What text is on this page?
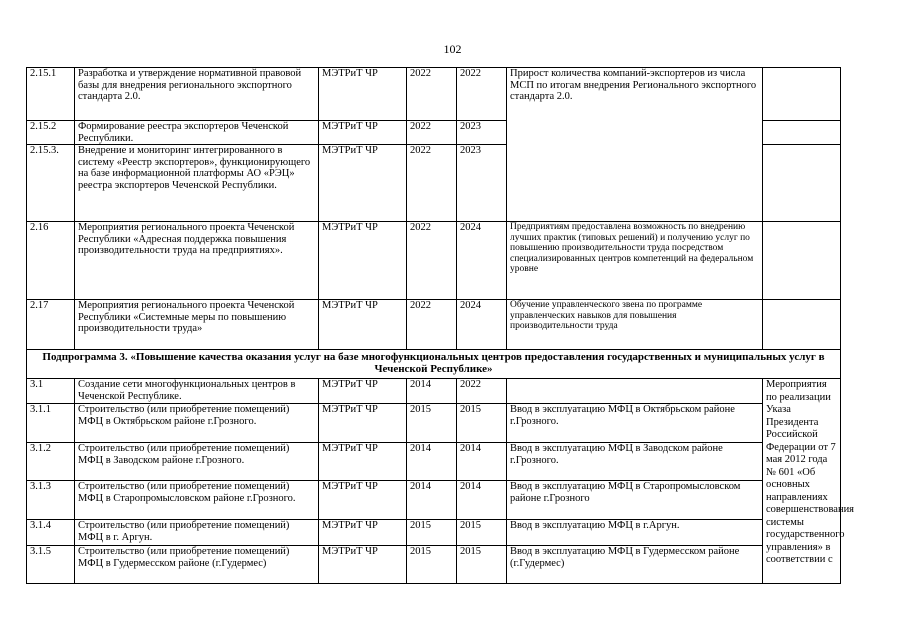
102
2.15.1	Разработка и утверждение нормативной правовой базы для внедрения регионального экспортного стандарта 2.0.	МЭТРиТ ЧР	2022	2022	Прирост количества компаний-экспортеров из числа МСП по итогам внедрения Регионального экспортного стандарта 2.0.	
2.15.2	Формирование реестра экспортеров Чеченской Республики.	МЭТРиТ ЧР	2022	2023		
2.15.3.	Внедрение и мониторинг интегрированного в систему «Реестр экспортеров», функционирующего на базе информационной платформы АО «РЭЦ» реестра экспортеров Чеченской Республики.	МЭТРиТ ЧР	2022	2023		
2.16	Мероприятия регионального проекта Чеченской Республики «Адресная поддержка повышения производительности труда на предприятиях».	МЭТРиТ ЧР	2022	2024	Предприятиям предоставлена возможность по внедрению лучших практик (типовых решений) и получению услуг по повышению производительности труда посредством специализированных центров компетенций на федеральном уровне	
2.17	Мероприятия регионального проекта Чеченской Республики «Системные меры по повышению производительности труда»	МЭТРиТ ЧР	2022	2024	Обучение управленческого звена по программе управленческих навыков для повышения производительности труда	
Подпрограмма 3. «Повышение качества оказания услуг на базе многофункциональных центров предоставления государственных и муниципальных услуг в Чеченской Республике»						
3.1	Создание сети многофункциональных центров в Чеченской Республике.	МЭТРиТ ЧР	2014	2022		Мероприятия по реализации Указа Президента Российской Федерации от 7 мая 2012 года № 601 «Об основных направлениях совершенствования системы государственного управления» в соответствии с
3.1.1	Строительство (или приобретение помещений) МФЦ в Октябрьском районе г.Грозного.	МЭТРиТ ЧР	2015	2015	Ввод в эксплуатацию МФЦ в Октябрьском районе г.Грозного.	
3.1.2	Строительство (или приобретение помещений) МФЦ в Заводском районе г.Грозного.	МЭТРиТ ЧР	2014	2014	Ввод в эксплуатацию МФЦ в Заводском районе г.Грозного.	
3.1.3	Строительство (или приобретение помещений) МФЦ в Старопромысловском районе г.Грозного.	МЭТРиТ ЧР	2014	2014	Ввод в эксплуатацию МФЦ в Старопромысловском районе г.Грозного	
3.1.4	Строительство (или приобретение помещений) МФЦ в г. Аргун.	МЭТРиТ ЧР	2015	2015	Ввод в эксплуатацию МФЦ в г.Аргун.	
3.1.5	Строительство (или приобретение помещений) МФЦ в Гудермесском районе (г.Гудермес)	МЭТРиТ ЧР	2015	2015	Ввод в эксплуатацию МФЦ в Гудермесском районе (г.Гудермес)	
